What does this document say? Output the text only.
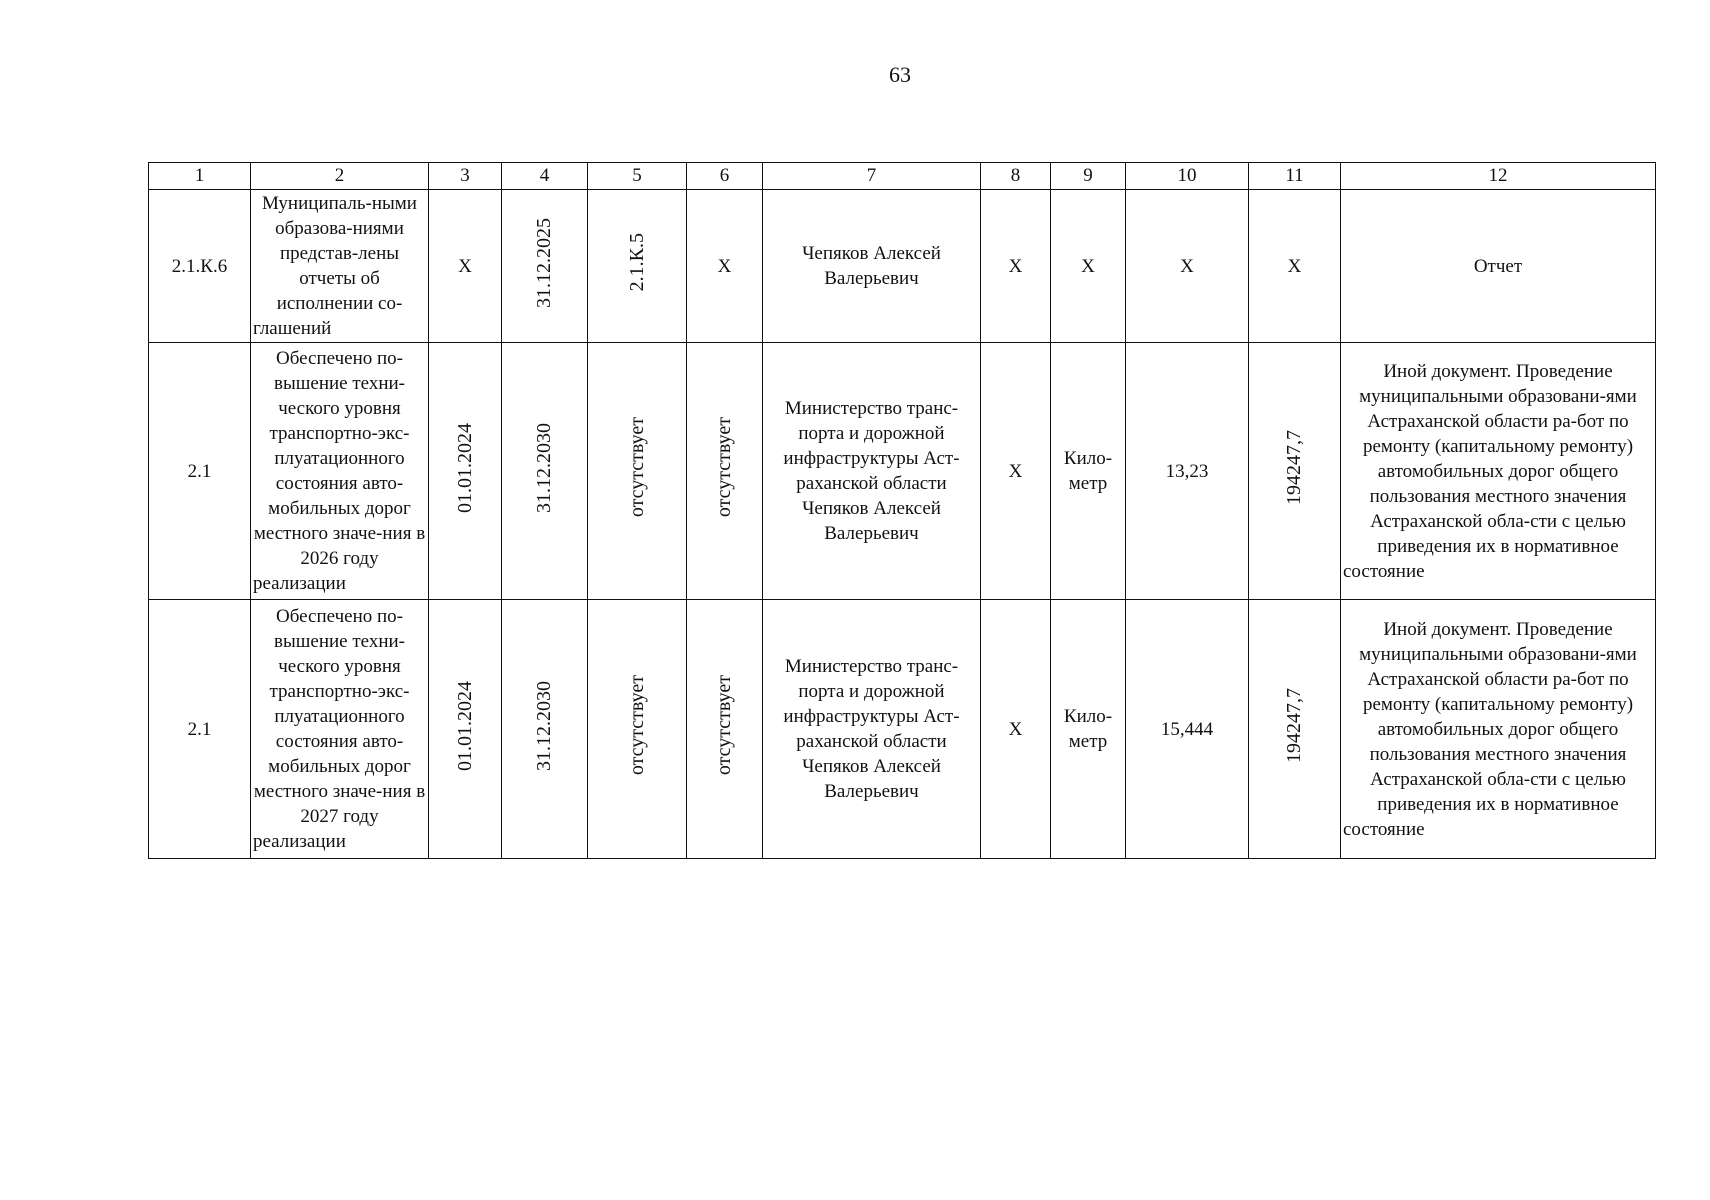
63
1	2	3	4	5	6	7	8	9	10	11	12
2.1.К.6	Муниципаль-ными образова-ниями представ-лены отчеты об исполнении со-глашений	X	31.12.2025	2.1.К.5	X	Чепяков Алексей Валерьевич	X	X	X	X	Отчет
2.1	Обеспечено по-вышение техни-ческого уровня транспортно-экс-плуатационного состояния авто-мобильных дорог местного значе-ния в 2026 году реализации	01.01.2024	31.12.2030	отсутствует	отсутствует	Министерство транс-порта и дорожной инфраструктуры Аст-раханской области Чепяков Алексей Валерьевич	X	Кило-метр	13,23	194247,7	Иной документ. Проведение муниципальными образовани-ями Астраханской области ра-бот по ремонту (капитальному ремонту) автомобильных дорог общего пользования местного значения Астраханской обла-сти с целью приведения их в нормативное состояние
2.1	Обеспечено по-вышение техни-ческого уровня транспортно-экс-плуатационного состояния авто-мобильных дорог местного значе-ния в 2027 году реализации	01.01.2024	31.12.2030	отсутствует	отсутствует	Министерство транс-порта и дорожной инфраструктуры Аст-раханской области Чепяков Алексей Валерьевич	X	Кило-метр	15,444	194247,7	Иной документ. Проведение муниципальными образовани-ями Астраханской области ра-бот по ремонту (капитальному ремонту) автомобильных дорог общего пользования местного значения Астраханской обла-сти с целью приведения их в нормативное состояние
